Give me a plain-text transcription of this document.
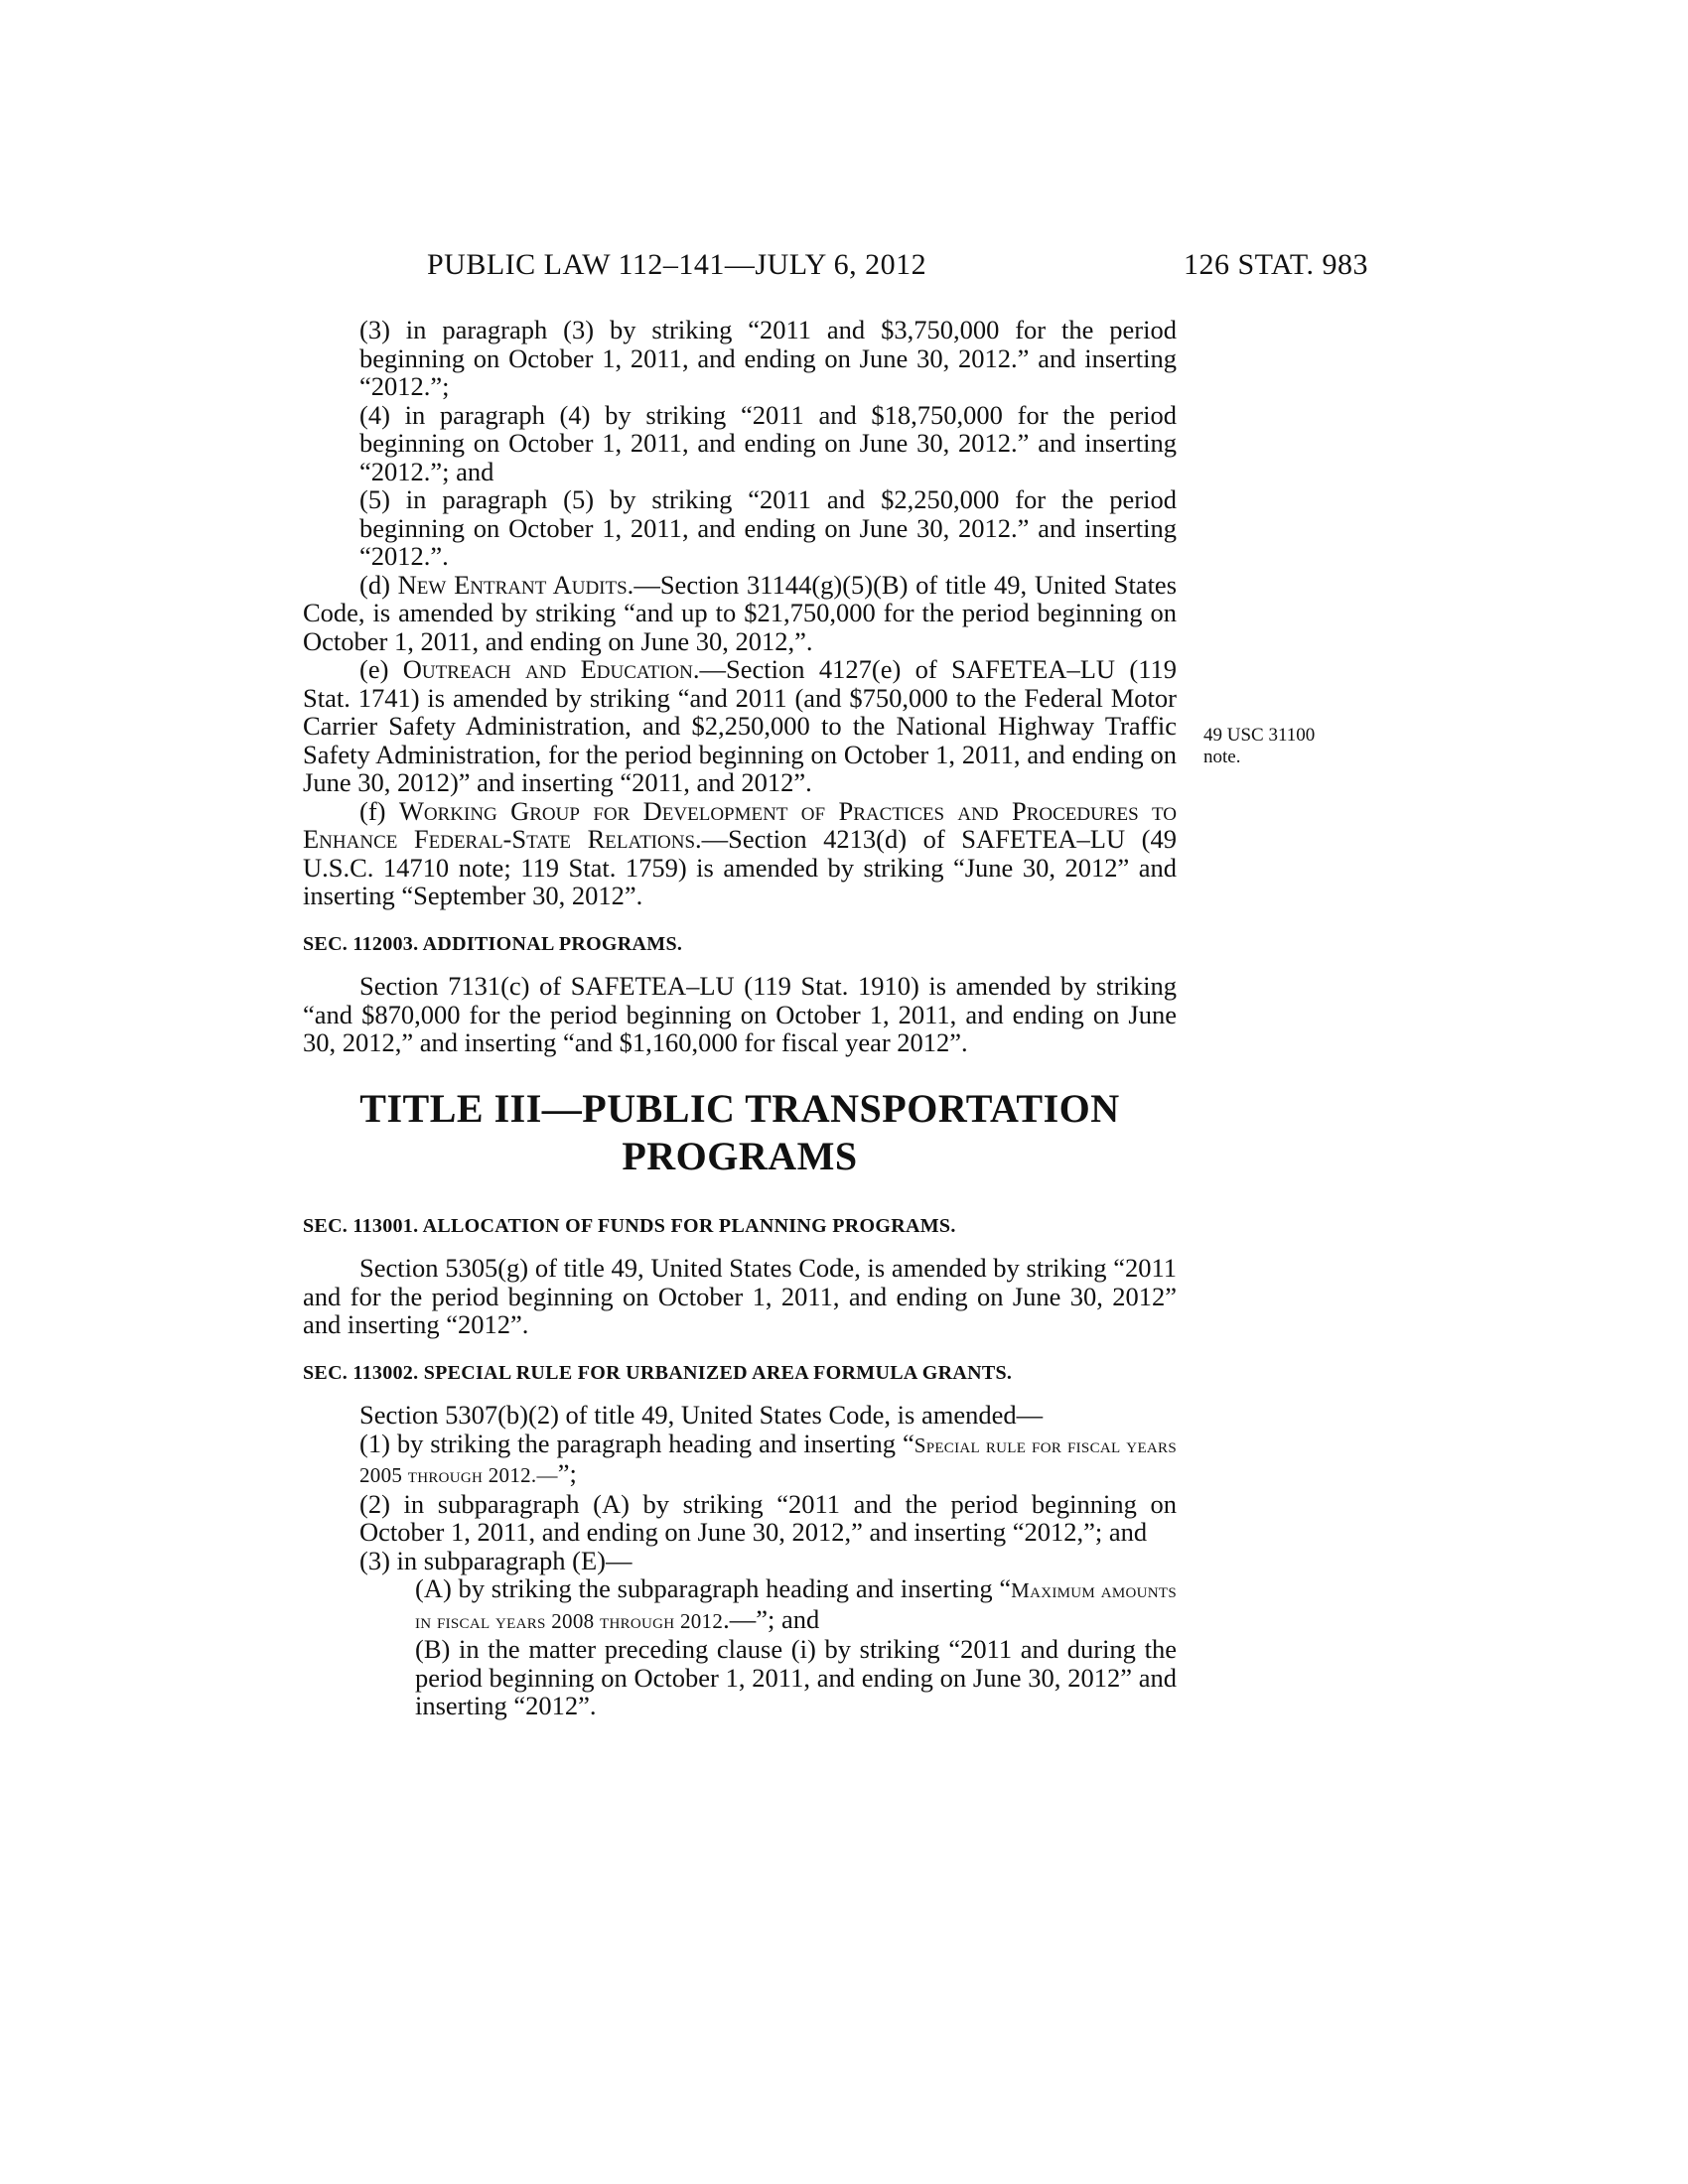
PUBLIC LAW 112–141—JULY 6, 2012	126 STAT. 983
49 USC 31100
note.

(3) in paragraph (3) by striking “2011 and $3,750,000 for the period beginning on October 1, 2011, and ending on June 30, 2012.” and inserting “2012.”;

(4) in paragraph (4) by striking “2011 and $18,750,000 for the period beginning on October 1, 2011, and ending on June 30, 2012.” and inserting “2012.”; and

(5) in paragraph (5) by striking “2011 and $2,250,000 for the period beginning on October 1, 2011, and ending on June 30, 2012.” and inserting “2012.”.

(d) New Entrant Audits.—Section 31144(g)(5)(B) of title 49, United States Code, is amended by striking “and up to $21,750,000 for the period beginning on October 1, 2011, and ending on June 30, 2012,”.

(e) Outreach and Education.—Section 4127(e) of SAFETEA–LU (119 Stat. 1741) is amended by striking “and 2011 (and $750,000 to the Federal Motor Carrier Safety Administration, and $2,250,000 to the National Highway Traffic Safety Administration, for the period beginning on October 1, 2011, and ending on June 30, 2012)” and inserting “2011, and 2012”.

(f) Working Group for Development of Practices and Procedures to Enhance Federal-State Relations.—Section 4213(d) of SAFETEA–LU (49 U.S.C. 14710 note; 119 Stat. 1759) is amended by striking “June 30, 2012” and inserting “September 30, 2012”.

SEC. 112003. ADDITIONAL PROGRAMS.

Section 7131(c) of SAFETEA–LU (119 Stat. 1910) is amended by striking “and $870,000 for the period beginning on October 1, 2011, and ending on June 30, 2012,” and inserting “and $1,160,000 for fiscal year 2012”.

TITLE III—PUBLIC TRANSPORTATION
PROGRAMS
SEC. 113001. ALLOCATION OF FUNDS FOR PLANNING PROGRAMS.

Section 5305(g) of title 49, United States Code, is amended by striking “2011 and for the period beginning on October 1, 2011, and ending on June 30, 2012” and inserting “2012”.

SEC. 113002. SPECIAL RULE FOR URBANIZED AREA FORMULA GRANTS.

Section 5307(b)(2) of title 49, United States Code, is amended—

(1) by striking the paragraph heading and inserting “Special rule for fiscal years 2005 through 2012.—”;

(2) in subparagraph (A) by striking “2011 and the period beginning on October 1, 2011, and ending on June 30, 2012,” and inserting “2012,”; and

(3) in subparagraph (E)—

(A) by striking the subparagraph heading and inserting “Maximum amounts in fiscal years 2008 through 2012.—”; and

(B) in the matter preceding clause (i) by striking “2011 and during the period beginning on October 1, 2011, and ending on June 30, 2012” and inserting “2012”.
